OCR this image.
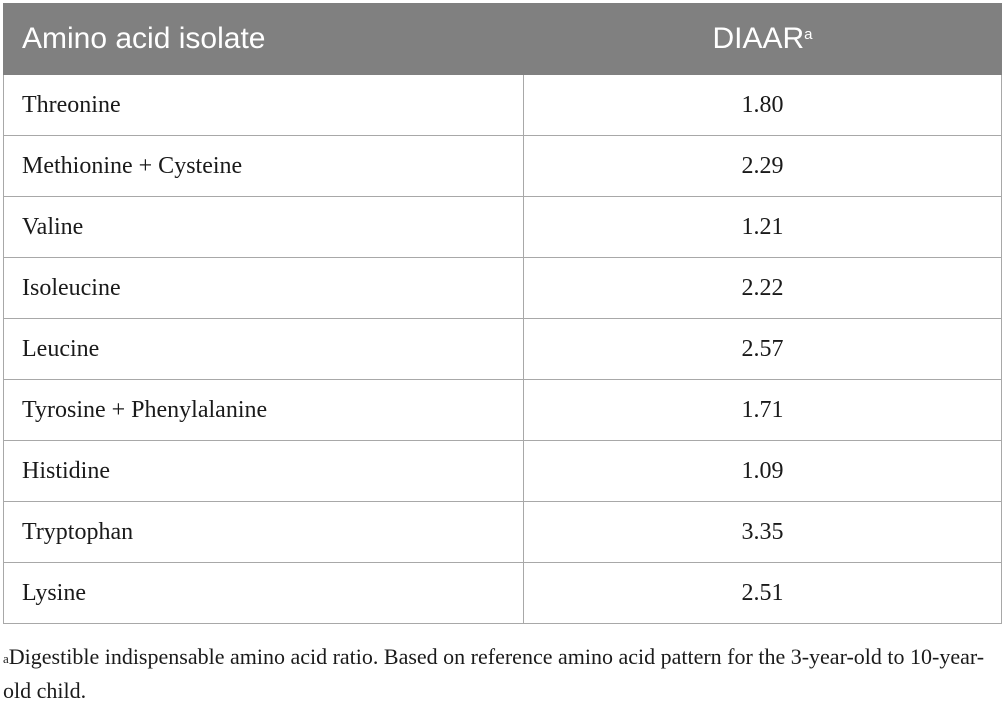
Amino acid isolate	DIAAR$^a$
Threonine	1.80
Methionine + Cysteine	2.29
Valine	1.21
Isoleucine	2.22
Leucine	2.57
Tyrosine + Phenylalanine	1.71
Histidine	1.09
Tryptophan	3.35
Lysine	2.51
$^a$Digestible indispensable amino acid ratio. Based on reference amino acid pattern for the 3-year-old to 10-year-old child.
